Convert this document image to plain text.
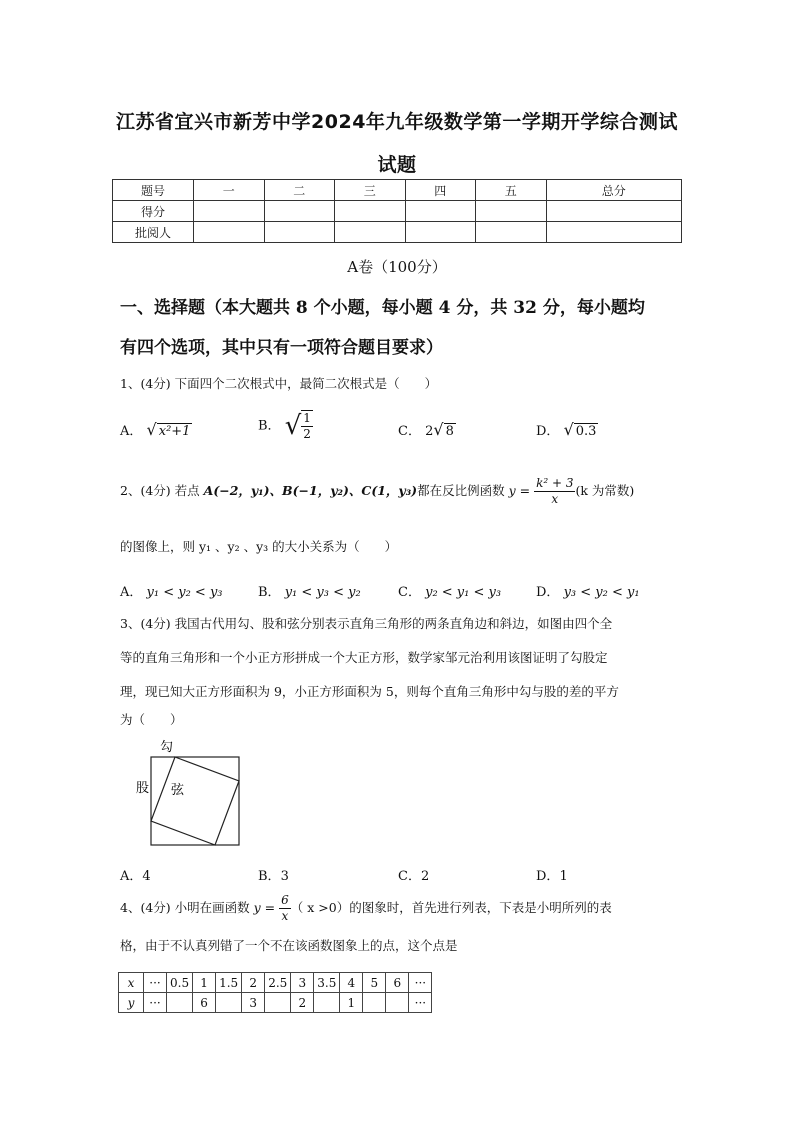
江苏省宜兴市新芳中学2024年九年级数学第一学期开学综合测试
试题
题号	一	二	三	四	五	总分
得分						
批阅人						
A卷（100分）
一、选择题（本大题共 8 个小题，每小题 4 分，共 32 分，每小题均
有四个选项，其中只有一项符合题目要求）
1、(4分) 下面四个二次根式中，最简二次根式是（　　）
A． √ x²+1	B． √ $\frac{1}{2}$	C． 2√ 8	D． √ 0.3
2、(4分) 若点 A(−2，y₁)、B(−1，y₂)、C(1，y₃)都在反比例函数 $y = \frac{\text{k² + 3}}{x} (k$ 为常数)
的图像上，则 y₁ 、y₂ 、y₃ 的大小关系为（　　）
A． y₁ < y₂ < y₃	B． y₁ < y₃ < y₂	C． y₂ < y₁ < y₃	D． y₃ < y₂ < y₁
3、(4分) 我国古代用勾、股和弦分别表示直角三角形的两条直角边和斜边，如图由四个全
等的直角三角形和一个小正方形拼成一个大正方形，数学家邹元治利用该图证明了勾股定
理，现已知大正方形面积为 9，小正方形面积为 5，则每个直角三角形中勾与股的差的平方
为（　　）
勾
股 弦
A．4	B．3	C．2	D．1
4、(4分) 小明在画函数 $y = \frac{6}{x}$ （ x >0）的图象时，首先进行列表，下表是小明所列的表
格，由于不认真列错了一个不在该函数图象上的点，这个点是
x	···	0.5	1	1.5	2	2.5	3	3.5	4	5	6	···
y	···		6		3		2		1			···
